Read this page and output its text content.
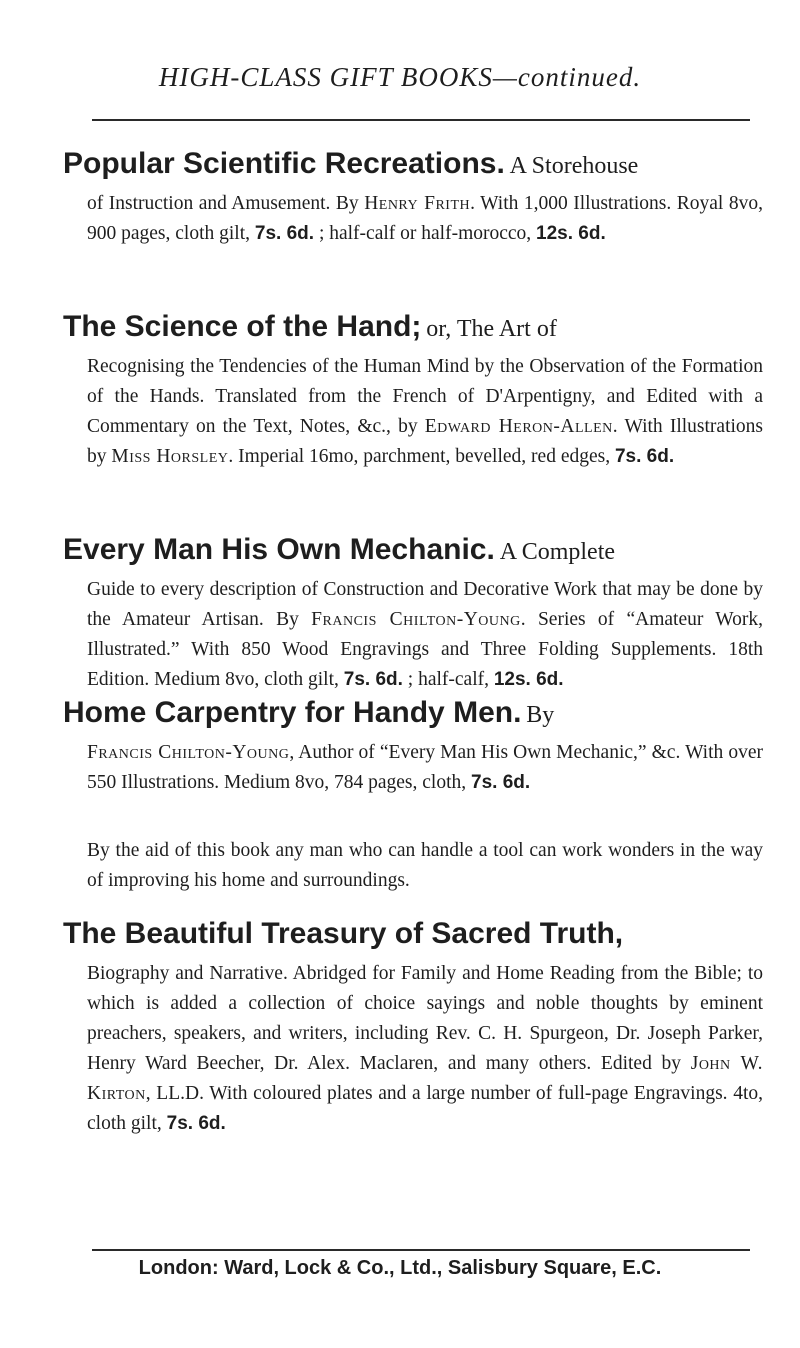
HIGH-CLASS GIFT BOOKS—continued.
Popular Scientific Recreations. A Storehouse
of Instruction and Amusement. By Henry Frith. With 1,000 Illustrations. Royal 8vo, 900 pages, cloth gilt, 7s. 6d. ; half-calf or half-morocco, 12s. 6d.
The Science of the Hand; or, The Art of
Recognising the Tendencies of the Human Mind by the Observation of the Formation of the Hands. Translated from the French of D'Arpentigny, and Edited with a Commentary on the Text, Notes, &c., by Edward Heron-Allen. With Illustrations by Miss Horsley. Imperial 16mo, parchment, bevelled, red edges, 7s. 6d.
Every Man His Own Mechanic. A Complete
Guide to every description of Construction and Decorative Work that may be done by the Amateur Artisan. By Francis Chilton-Young. Series of “Amateur Work, Illustrated.” With 850 Wood Engravings and Three Folding Supplements. 18th Edition. Medium 8vo, cloth gilt, 7s. 6d. ; half-calf, 12s. 6d.
Home Carpentry for Handy Men. By
Francis Chilton-Young, Author of “Every Man His Own Mechanic,” &c. With over 550 Illustrations. Medium 8vo, 784 pages, cloth, 7s. 6d.
By the aid of this book any man who can handle a tool can work wonders in the way of improving his home and surroundings.
The Beautiful Treasury of Sacred Truth,
Biography and Narrative. Abridged for Family and Home Reading from the Bible; to which is added a collection of choice sayings and noble thoughts by eminent preachers, speakers, and writers, including Rev. C. H. Spurgeon, Dr. Joseph Parker, Henry Ward Beecher, Dr. Alex. Maclaren, and many others. Edited by John W. Kirton, LL.D. With coloured plates and a large number of full-page Engravings. 4to, cloth gilt, 7s. 6d.
London: Ward, Lock & Co., Ltd., Salisbury Square, E.C.
